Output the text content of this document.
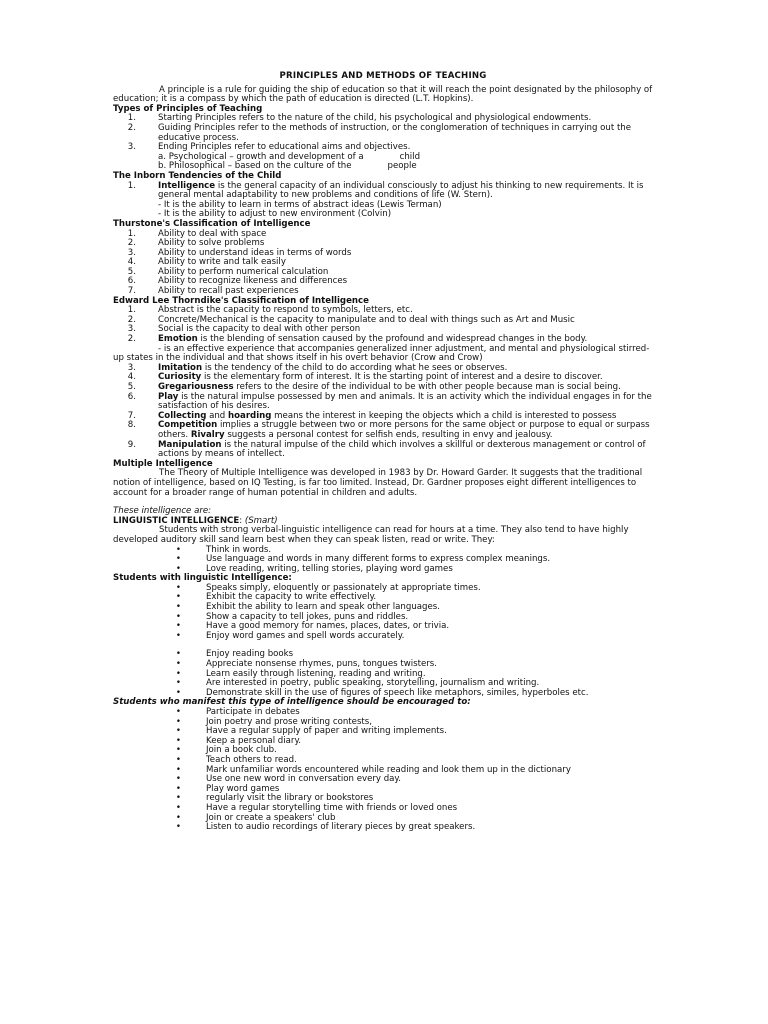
PRINCIPLES AND METHODS OF TEACHING

A principle is a rule for guiding the ship of education so that it will reach the point designated by the philosophy of education; it is a compass by which the path of education is directed (L.T. Hopkins).

Types of Principles of Teaching

1.	Starting Principles refers to the nature of the child, his psychological and physiological endowments.
2.	Guiding Principles refer to the methods of instruction, or the conglomeration of techniques in carrying out the educative process.
3.	Ending Principles refer to educational aims and objectives.

a. Psychological – growth and development of a	child

b. Philosophical – based on the culture of the	people

The Inborn Tendencies of the Child

1.	Intelligence is the general capacity of an individual consciously to adjust his thinking to new requirements. It is general mental adaptability to new problems and conditions of life (W. Stern).

- It is the ability to learn in terms of abstract ideas (Lewis Terman)

- It is the ability to adjust to new environment (Colvin)

Thurstone's Classification of Intelligence

1.	Ability to deal with space
2.	Ability to solve problems
3.	Ability to understand ideas in terms of words
4.	Ability to write and talk easily
5.	Ability to perform numerical calculation
6.	Ability to recognize likeness and differences
7.	Ability to recall past experiences

Edward Lee Thorndike's Classification of Intelligence

1.	Abstract is the capacity to respond to symbols, letters, etc.
2.	Concrete/Mechanical is the capacity to manipulate and to deal with things such as Art and Music
3.	Social is the capacity to deal with other person
2.	Emotion is the blending of sensation caused by the profound and widespread changes in the body.

- is an effective experience that accompanies generalized inner adjustment, and mental and physiological stirred-up states in the individual and that shows itself in his overt behavior (Crow and Crow)

3.	Imitation is the tendency of the child to do according what he sees or observes.
4.	Curiosity is the elementary form of interest. It is the starting point of interest and a desire to discover.
5.	Gregariousness refers to the desire of the individual to be with other people because man is social being.
6.	Play is the natural impulse possessed by men and animals. It is an activity which the individual engages in for the satisfaction of his desires.
7.	Collecting and hoarding means the interest in keeping the objects which a child is interested to possess
8.	Competition implies a struggle between two or more persons for the same object or purpose to equal or surpass others. Rivalry suggests a personal contest for selfish ends, resulting in envy and jealousy.
9.	Manipulation is the natural impulse of the child which involves a skillful or dexterous management or control of actions by means of intellect.

Multiple Intelligence

The Theory of Multiple Intelligence was developed in 1983 by Dr. Howard Garder. It suggests that the traditional notion of intelligence, based on IQ Testing, is far too limited. Instead, Dr. Gardner proposes eight different intelligences to account for a broader range of human potential in children and adults.

These intelligence are:

LINGUISTIC INTELLIGENCE: (Smart)

Students with strong verbal-linguistic intelligence can read for hours at a time. They also tend to have highly developed auditory skill sand learn best when they can speak listen, read or write. They:

•	Think in words.
•	Use language and words in many different forms to express complex meanings.
•	Love reading, writing, telling stories, playing word games

Students with linguistic Intelligence:

•	Speaks simply, eloquently or passionately at appropriate times.
•	Exhibit the capacity to write effectively.
•	Exhibit the ability to learn and speak other languages.
•	Show a capacity to tell jokes, puns and riddles.
•	Have a good memory for names, places, dates, or trivia.
•	Enjoy word games and spell words accurately.
•	Enjoy reading books
•	Appreciate nonsense rhymes, puns, tongues twisters.
•	Learn easily through listening, reading and writing.
•	Are interested in poetry, public speaking, storytelling, journalism and writing.
•	Demonstrate skill in the use of figures of speech like metaphors, similes, hyperboles etc.

Students who manifest this type of intelligence should be encouraged to:

•	Participate in debates
•	Join poetry and prose writing contests,
•	Have a regular supply of paper and writing implements.
•	Keep a personal diary.
•	Join a book club.
•	Teach others to read.
•	Mark unfamiliar words encountered while reading and look them up in the dictionary
•	Use one new word in conversation every day.
•	Play word games
•	regularly visit the library or bookstores
•	Have a regular storytelling time with friends or loved ones
•	Join or create a speakers' club
•	Listen to audio recordings of literary pieces by great speakers.
